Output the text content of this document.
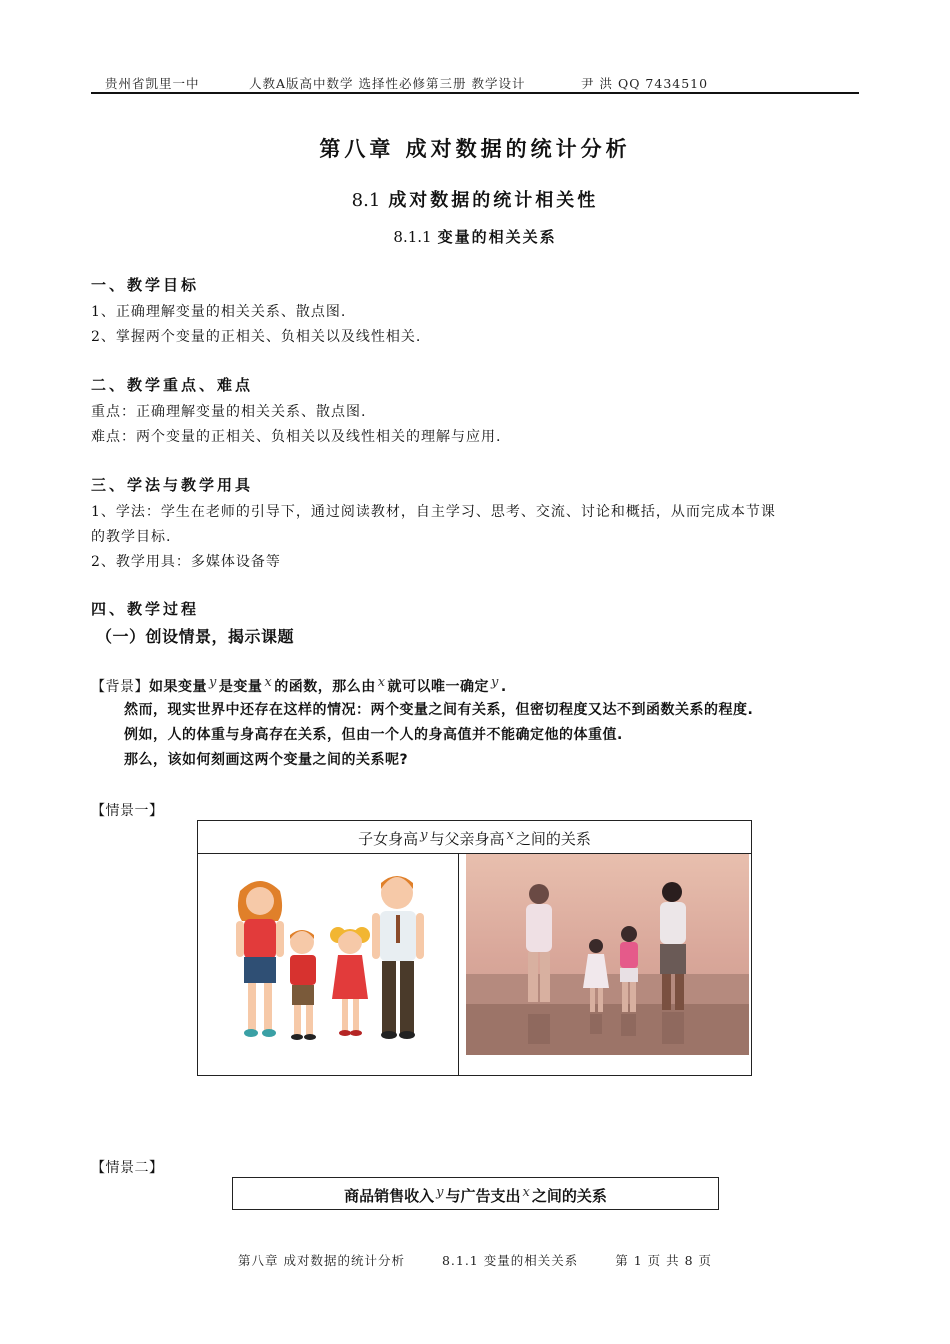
贵州省凯里一中	人教A版高中数学 选择性必修第三册 教学设计	尹 洪 QQ 7434510
第八章 成对数据的统计分析
8.1 成对数据的统计相关性
8.1.1 变量的相关关系
一、教学目标
1、正确理解变量的相关关系、散点图.
2、掌握两个变量的正相关、负相关以及线性相关.
二、教学重点、难点
重点：正确理解变量的相关关系、散点图.
难点：两个变量的正相关、负相关以及线性相关的理解与应用.
三、学法与教学用具
1、学法：学生在老师的引导下，通过阅读教材，自主学习、思考、交流、讨论和概括，从而完成本节课
的教学目标.
2、教学用具：多媒体设备等
四、教学过程
（一）创设情景，揭示课题
【背景】如果变量 y 是变量 x 的函数，那么由 x 就可以唯一确定 y .
然而，现实世界中还存在这样的情况：两个变量之间有关系，但密切程度又达不到函数关系的程度.
例如，人的体重与身高存在关系，但由一个人的身高值并不能确定他的体重值.
那么，该如何刻画这两个变量之间的关系呢?
【情景一】
子女身高 y 与父亲身高 x 之间的关系
【情景二】
商品销售收入 y 与广告支出 x 之间的关系
第八章 成对数据的统计分析	8.1.1 变量的相关关系	第 1 页 共 8 页
